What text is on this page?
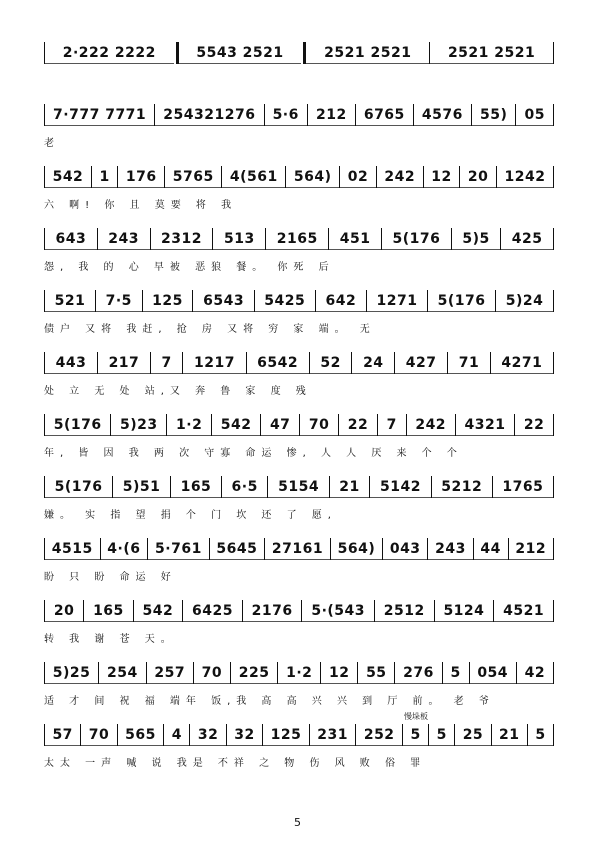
2·222 2222	5543 2521	2521 2521	2521 2521
7·777 7771	254321276	5·6	212	6765	4576	55)	05
老
542	1	176	5765	4(561	564)	02	242	12	20	1242
六 啊! 你 且 莫要 将 我
643	243	2312	513	2165	451	5(176	5)5	425
怨, 我 的 心 早被 恶狼 餐。 你死 后
521	7·5	125	6543	5425	642	1271	5(176	5)24
债户 又将 我赶, 抢 房 又将 穷 家 端。 无
443	217	7	1217	6542	52	24	427	71	4271
处 立 无 处 站,又 奔 鲁 家 度 残
5(176	5)23	1·2	542	47	70	22	7	242	4321	22
年, 皆 因 我 两 次 守寡 命运 惨, 人 人 厌 来 个 个
5(176	5)51	165	6·5	5154	21	5142	5212	1765
嫌。 实 指 望 捐 个 门 坎 还 了 愿,
4515	4·(6	5·761	5645	27161	564)	043	243	44	212
盼 只 盼 命运 好
20	165	542	6425	2176	5·(543	2512	5124	4521
转 我 谢 苍 天。
5)25	254	257	70	225	1·2	12	55	276	5	054	42
适 才 间 祝 福 端年 饭,我 高 高 兴 兴 到 厅 前。 老 爷
57	70	565	4	32	32	125	231	252	5	5	25	21	5
太太 一声 喊 说 我是 不祥 之 物 伤 风 败 俗 罪
慢垛板
5
